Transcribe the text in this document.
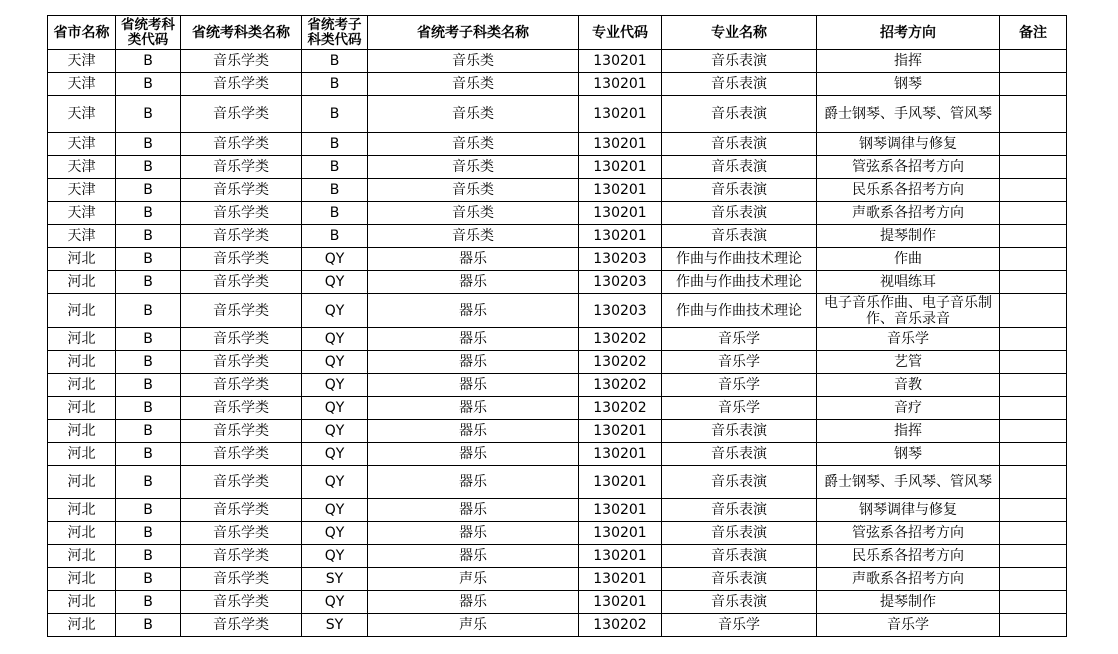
省市名称	省统考科类代码	省统考科类名称	省统考子科类代码	省统考子科类名称	专业代码	专业名称	招考方向	备注
天津	B	音乐学类	B	音乐类	130201	音乐表演	指挥	
天津	B	音乐学类	B	音乐类	130201	音乐表演	钢琴	
天津	B	音乐学类	B	音乐类	130201	音乐表演	爵士钢琴、手风琴、管风琴	
天津	B	音乐学类	B	音乐类	130201	音乐表演	钢琴调律与修复	
天津	B	音乐学类	B	音乐类	130201	音乐表演	管弦系各招考方向	
天津	B	音乐学类	B	音乐类	130201	音乐表演	民乐系各招考方向	
天津	B	音乐学类	B	音乐类	130201	音乐表演	声歌系各招考方向	
天津	B	音乐学类	B	音乐类	130201	音乐表演	提琴制作	
河北	B	音乐学类	QY	器乐	130203	作曲与作曲技术理论	作曲	
河北	B	音乐学类	QY	器乐	130203	作曲与作曲技术理论	视唱练耳	
河北	B	音乐学类	QY	器乐	130203	作曲与作曲技术理论	电子音乐作曲、电子音乐制作、音乐录音	
河北	B	音乐学类	QY	器乐	130202	音乐学	音乐学	
河北	B	音乐学类	QY	器乐	130202	音乐学	艺管	
河北	B	音乐学类	QY	器乐	130202	音乐学	音教	
河北	B	音乐学类	QY	器乐	130202	音乐学	音疗	
河北	B	音乐学类	QY	器乐	130201	音乐表演	指挥	
河北	B	音乐学类	QY	器乐	130201	音乐表演	钢琴	
河北	B	音乐学类	QY	器乐	130201	音乐表演	爵士钢琴、手风琴、管风琴	
河北	B	音乐学类	QY	器乐	130201	音乐表演	钢琴调律与修复	
河北	B	音乐学类	QY	器乐	130201	音乐表演	管弦系各招考方向	
河北	B	音乐学类	QY	器乐	130201	音乐表演	民乐系各招考方向	
河北	B	音乐学类	SY	声乐	130201	音乐表演	声歌系各招考方向	
河北	B	音乐学类	QY	器乐	130201	音乐表演	提琴制作	
河北	B	音乐学类	SY	声乐	130202	音乐学	音乐学	
